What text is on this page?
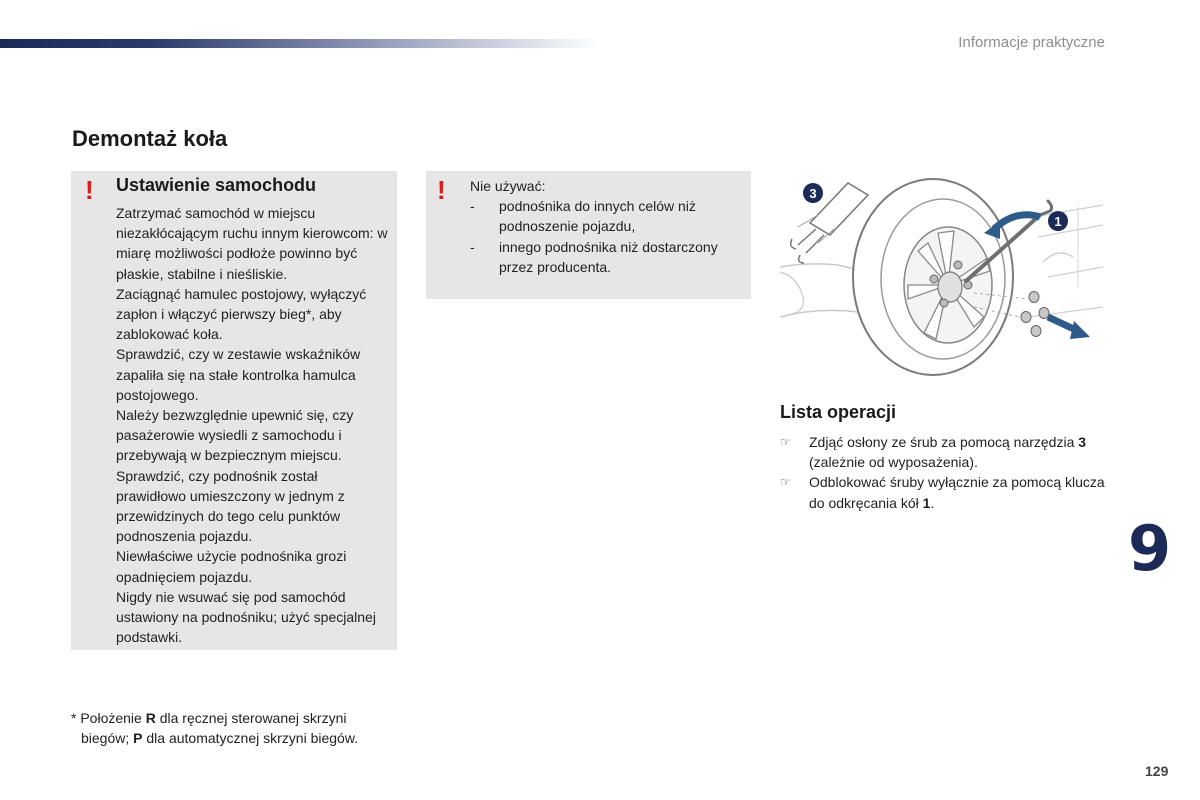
Informacje praktyczne
Demontaż koła
! Ustawienie samochodu

Zatrzymać samochód w miejscu niezakłócającym ruchu innym kierowcom: w miarę możliwości podłoże powinno być płaskie, stabilne i nieśliskie.

Zaciągnąć hamulec postojowy, wyłączyć zapłon i włączyć pierwszy bieg*, aby zablokować koła.

Sprawdzić, czy w zestawie wskaźników zapaliła się na stałe kontrolka hamulca postojowego.

Należy bezwzględnie upewnić się, czy pasażerowie wysiedli z samochodu i przebywają w bezpiecznym miejscu.

Sprawdzić, czy podnośnik został prawidłowo umieszczony w jednym z przewidzinych do tego celu punktów podnoszenia pojazdu.

Niewłaściwe użycie podnośnika grozi opadnięciem pojazdu.

Nigdy nie wsuwać się pod samochód ustawiony na podnośniku; użyć specjalnej podstawki.

! Nie używać:

- podnośnika do innych celów niż podnoszenie pojazdu,
- innego podnośnika niż dostarczony przez producenta.
1
3
Lista operacji
☞ Zdjąć osłony ze śrub za pomocą narzędzia 3 (zależnie od wyposażenia).
☞ Odblokować śruby wyłącznie za pomocą klucza do odkręcania kół 1.
9

* Położenie R dla ręcznej sterowanej skrzyni

biegów; P dla automatycznej skrzyni biegów.

129
